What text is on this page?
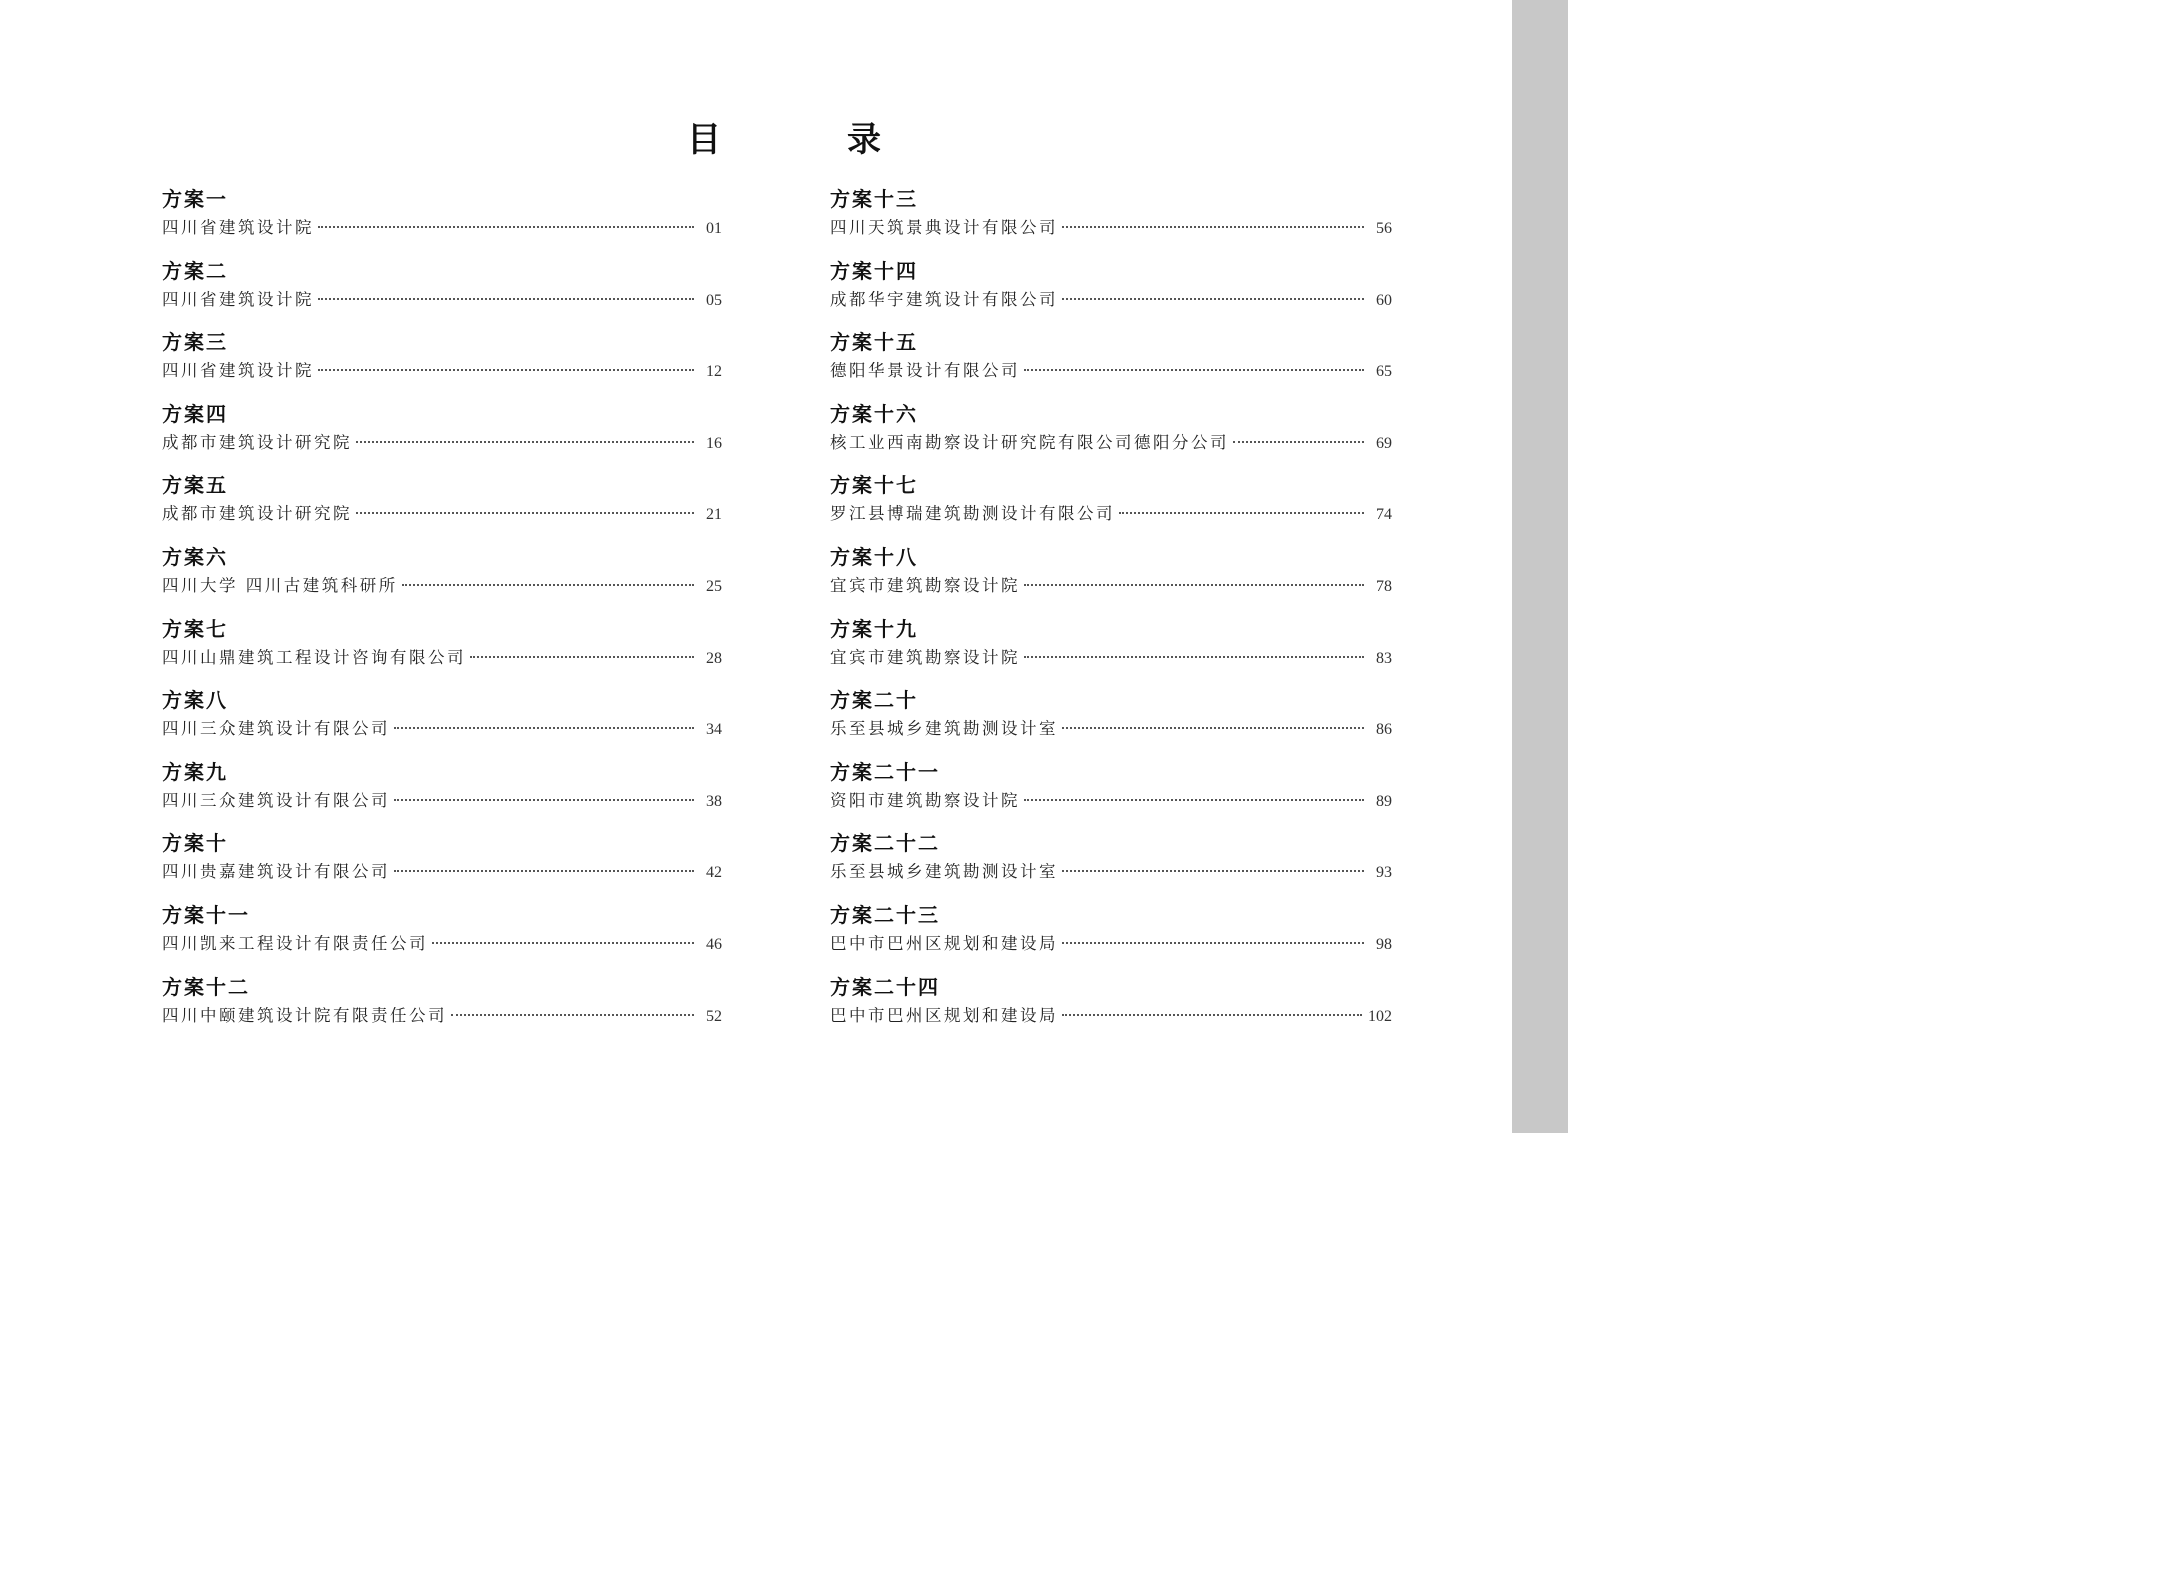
目　录
方案一
四川省建筑设计院	01
方案二
四川省建筑设计院	05
方案三
四川省建筑设计院	12
方案四
成都市建筑设计研究院	16
方案五
成都市建筑设计研究院	21
方案六
四川大学 四川古建筑科研所	25
方案七
四川山鼎建筑工程设计咨询有限公司	28
方案八
四川三众建筑设计有限公司	34
方案九
四川三众建筑设计有限公司	38
方案十
四川贵嘉建筑设计有限公司	42
方案十一
四川凯来工程设计有限责任公司	46
方案十二
四川中颐建筑设计院有限责任公司	52
方案十三
四川天筑景典设计有限公司	56
方案十四
成都华宇建筑设计有限公司	60
方案十五
德阳华景设计有限公司	65
方案十六
核工业西南勘察设计研究院有限公司德阳分公司	69
方案十七
罗江县博瑞建筑勘测设计有限公司	74
方案十八
宜宾市建筑勘察设计院	78
方案十九
宜宾市建筑勘察设计院	83
方案二十
乐至县城乡建筑勘测设计室	86
方案二十一
资阳市建筑勘察设计院	89
方案二十二
乐至县城乡建筑勘测设计室	93
方案二十三
巴中市巴州区规划和建设局	98
方案二十四
巴中市巴州区规划和建设局	102
